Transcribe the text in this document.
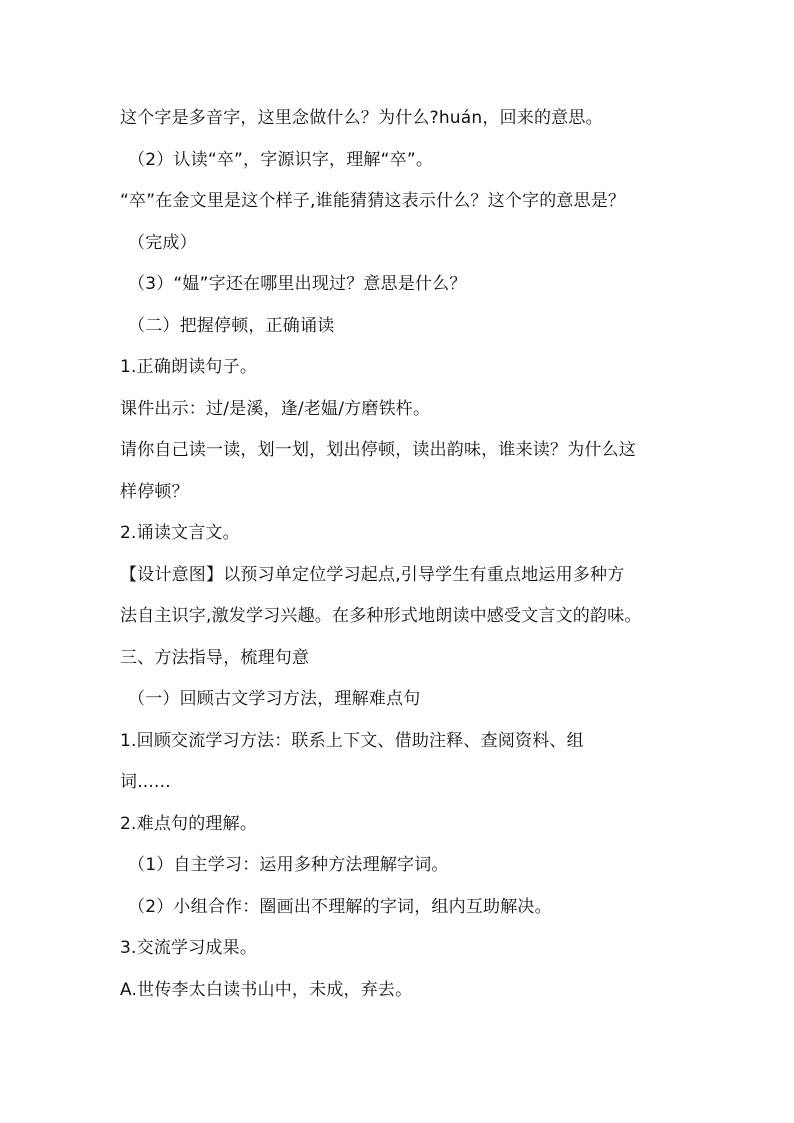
这个字是多音字，这里念做什么？为什么?huán，回来的意思。
（2）认读“卒”，字源识字，理解“卒”。
“卒”在金文里是这个样子,谁能猜猜这表示什么？这个字的意思是？
（完成）
（3）“媪”字还在哪里出现过？意思是什么？
（二）把握停顿，正确诵读
1.正确朗读句子。
课件出示：过/是溪，逢/老媪/方磨铁杵。
请你自己读一读，划一划，划出停顿，读出韵味，谁来读？为什么这
样停顿？
2.诵读文言文。
【设计意图】以预习单定位学习起点,引导学生有重点地运用多种方
法自主识字,激发学习兴趣。在多种形式地朗读中感受文言文的韵味。
三、方法指导，梳理句意
（一）回顾古文学习方法，理解难点句
1.回顾交流学习方法：联系上下文、借助注释、查阅资料、组
词......
2.难点句的理解。
（1）自主学习：运用多种方法理解字词。
（2）小组合作：圈画出不理解的字词，组内互助解决。
3.交流学习成果。
A.世传李太白读书山中，未成，弃去。
